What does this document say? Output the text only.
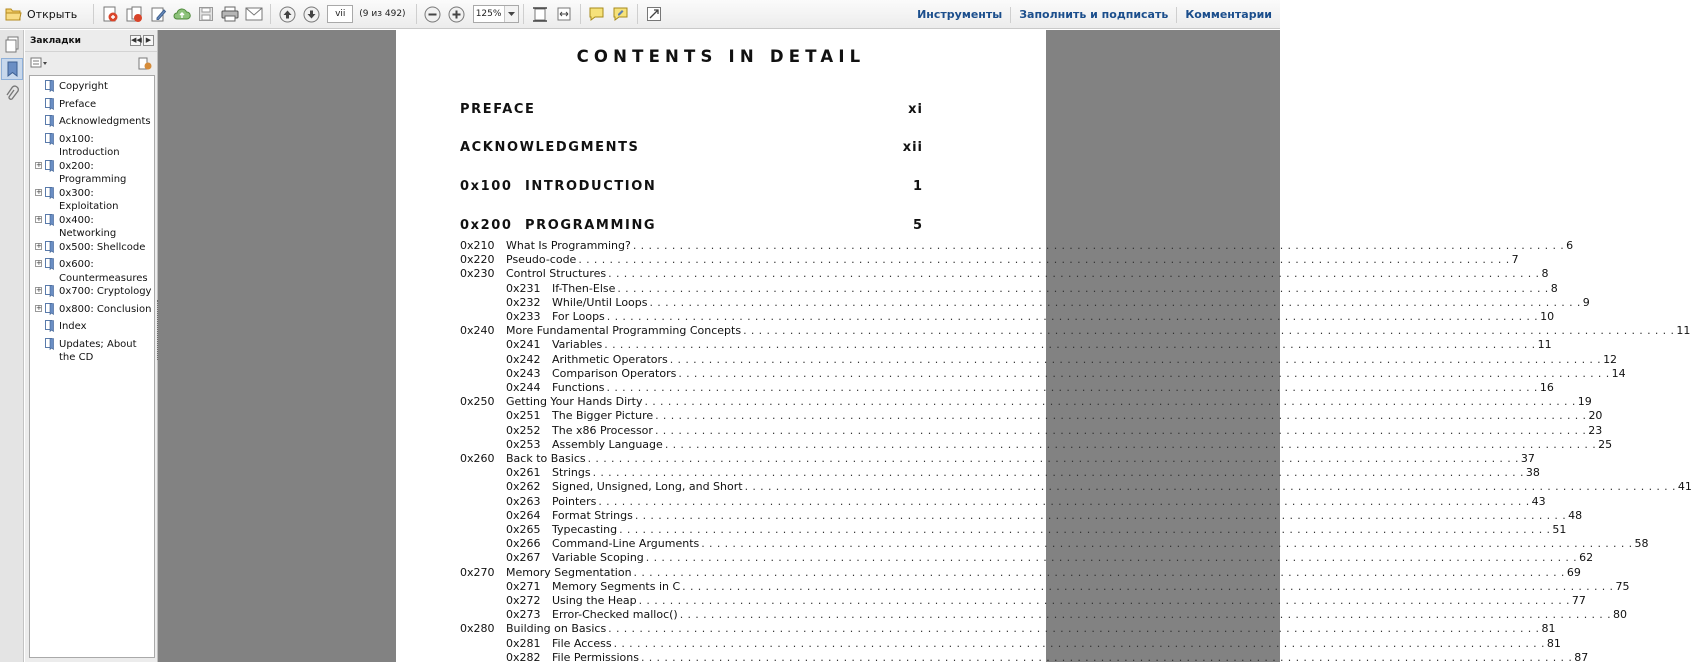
Открыть	vii	(9 из 492)	125%	Инструменты	Заполнить и подписать	Комментарии
Закладки	◀◀ ▶
Copyright
Preface
Acknowledgments
0x100: Introduction
+ 0x200: Programming
+ 0x300: Exploitation
+ 0x400: Networking
+ 0x500: Shellcode
+ 0x600: Countermeasures
+ 0x700: Cryptology
+ 0x800: Conclusion
Index
Updates; About the CD
CONTENTS IN DETAIL
PREFACE	xi
ACKNOWLEDGMENTS	xii
0x100 INTRODUCTION	1
0x200 PROGRAMMING	5
0x210 What Is Programming? . . . . . . . . . . . . . . . . . . . . . . . . . . . . . . . . . . . . . . . . . . . . . . . . . . . . . . . . . . . . . . . . . . . . . . . . . . . . . . . . . . . . . . . . . . . . . . . . . . . . . . . . . . . . . . . . . . . . . . . . 6
0x220 Pseudo-code . . . . . . . . . . . . . . . . . . . . . . . . . . . . . . . . . . . . . . . . . . . . . . . . . . . . . . . . . . . . . . . . . . . . . . . . . . . . . . . . . . . . . . . . . . . . . . . . . . . . . . . . . . . . . . . . . . . . . . . . 7
0x230 Control Structures . . . . . . . . . . . . . . . . . . . . . . . . . . . . . . . . . . . . . . . . . . . . . . . . . . . . . . . . . . . . . . . . . . . . . . . . . . . . . . . . . . . . . . . . . . . . . . . . . . . . . . . . . . . . . . . . . . . . . . . . 8
0x231 If-Then-Else . . . . . . . . . . . . . . . . . . . . . . . . . . . . . . . . . . . . . . . . . . . . . . . . . . . . . . . . . . . . . . . . . . . . . . . . . . . . . . . . . . . . . . . . . . . . . . . . . . . . . . . . . . . . . . . . . . . . . . . . 8
0x232 While/Until Loops . . . . . . . . . . . . . . . . . . . . . . . . . . . . . . . . . . . . . . . . . . . . . . . . . . . . . . . . . . . . . . . . . . . . . . . . . . . . . . . . . . . . . . . . . . . . . . . . . . . . . . . . . . . . . . . . . . . . . . . . 9
0x233 For Loops . . . . . . . . . . . . . . . . . . . . . . . . . . . . . . . . . . . . . . . . . . . . . . . . . . . . . . . . . . . . . . . . . . . . . . . . . . . . . . . . . . . . . . . . . . . . . . . . . . . . . . . . . . . . . . . . . . . . . . . . 10
0x240 More Fundamental Programming Concepts . . . . . . . . . . . . . . . . . . . . . . . . . . . . . . . . . . . . . . . . . . . . . . . . . . . . . . . . . . . . . . . . . . . . . . . . . . . . . . . . . . . . . . . . . . . . . . . . . . . . . . . . . . . . . . . . . . . . . . . . 11
0x241 Variables . . . . . . . . . . . . . . . . . . . . . . . . . . . . . . . . . . . . . . . . . . . . . . . . . . . . . . . . . . . . . . . . . . . . . . . . . . . . . . . . . . . . . . . . . . . . . . . . . . . . . . . . . . . . . . . . . . . . . . . . 11
0x242 Arithmetic Operators . . . . . . . . . . . . . . . . . . . . . . . . . . . . . . . . . . . . . . . . . . . . . . . . . . . . . . . . . . . . . . . . . . . . . . . . . . . . . . . . . . . . . . . . . . . . . . . . . . . . . . . . . . . . . . . . . . . . . . . . 12
0x243 Comparison Operators . . . . . . . . . . . . . . . . . . . . . . . . . . . . . . . . . . . . . . . . . . . . . . . . . . . . . . . . . . . . . . . . . . . . . . . . . . . . . . . . . . . . . . . . . . . . . . . . . . . . . . . . . . . . . . . . . . . . . . . . 14
0x244 Functions . . . . . . . . . . . . . . . . . . . . . . . . . . . . . . . . . . . . . . . . . . . . . . . . . . . . . . . . . . . . . . . . . . . . . . . . . . . . . . . . . . . . . . . . . . . . . . . . . . . . . . . . . . . . . . . . . . . . . . . . 16
0x250 Getting Your Hands Dirty . . . . . . . . . . . . . . . . . . . . . . . . . . . . . . . . . . . . . . . . . . . . . . . . . . . . . . . . . . . . . . . . . . . . . . . . . . . . . . . . . . . . . . . . . . . . . . . . . . . . . . . . . . . . . . . . . . . . . . . . 19
0x251 The Bigger Picture . . . . . . . . . . . . . . . . . . . . . . . . . . . . . . . . . . . . . . . . . . . . . . . . . . . . . . . . . . . . . . . . . . . . . . . . . . . . . . . . . . . . . . . . . . . . . . . . . . . . . . . . . . . . . . . . . . . . . . . . 20
0x252 The x86 Processor . . . . . . . . . . . . . . . . . . . . . . . . . . . . . . . . . . . . . . . . . . . . . . . . . . . . . . . . . . . . . . . . . . . . . . . . . . . . . . . . . . . . . . . . . . . . . . . . . . . . . . . . . . . . . . . . . . . . . . . . 23
0x253 Assembly Language . . . . . . . . . . . . . . . . . . . . . . . . . . . . . . . . . . . . . . . . . . . . . . . . . . . . . . . . . . . . . . . . . . . . . . . . . . . . . . . . . . . . . . . . . . . . . . . . . . . . . . . . . . . . . . . . . . . . . . . . 25
0x260 Back to Basics . . . . . . . . . . . . . . . . . . . . . . . . . . . . . . . . . . . . . . . . . . . . . . . . . . . . . . . . . . . . . . . . . . . . . . . . . . . . . . . . . . . . . . . . . . . . . . . . . . . . . . . . . . . . . . . . . . . . . . . . 37
0x261 Strings . . . . . . . . . . . . . . . . . . . . . . . . . . . . . . . . . . . . . . . . . . . . . . . . . . . . . . . . . . . . . . . . . . . . . . . . . . . . . . . . . . . . . . . . . . . . . . . . . . . . . . . . . . . . . . . . . . . . . . . . 38
0x262 Signed, Unsigned, Long, and Short . . . . . . . . . . . . . . . . . . . . . . . . . . . . . . . . . . . . . . . . . . . . . . . . . . . . . . . . . . . . . . . . . . . . . . . . . . . . . . . . . . . . . . . . . . . . . . . . . . . . . . . . . . . . . . . . . . . . . . . . 41
0x263 Pointers . . . . . . . . . . . . . . . . . . . . . . . . . . . . . . . . . . . . . . . . . . . . . . . . . . . . . . . . . . . . . . . . . . . . . . . . . . . . . . . . . . . . . . . . . . . . . . . . . . . . . . . . . . . . . . . . . . . . . . . . 43
0x264 Format Strings . . . . . . . . . . . . . . . . . . . . . . . . . . . . . . . . . . . . . . . . . . . . . . . . . . . . . . . . . . . . . . . . . . . . . . . . . . . . . . . . . . . . . . . . . . . . . . . . . . . . . . . . . . . . . . . . . . . . . . . . 48
0x265 Typecasting . . . . . . . . . . . . . . . . . . . . . . . . . . . . . . . . . . . . . . . . . . . . . . . . . . . . . . . . . . . . . . . . . . . . . . . . . . . . . . . . . . . . . . . . . . . . . . . . . . . . . . . . . . . . . . . . . . . . . . . . 51
0x266 Command-Line Arguments . . . . . . . . . . . . . . . . . . . . . . . . . . . . . . . . . . . . . . . . . . . . . . . . . . . . . . . . . . . . . . . . . . . . . . . . . . . . . . . . . . . . . . . . . . . . . . . . . . . . . . . . . . . . . . . . . . . . . . . . 58
0x267 Variable Scoping . . . . . . . . . . . . . . . . . . . . . . . . . . . . . . . . . . . . . . . . . . . . . . . . . . . . . . . . . . . . . . . . . . . . . . . . . . . . . . . . . . . . . . . . . . . . . . . . . . . . . . . . . . . . . . . . . . . . . . . . 62
0x270 Memory Segmentation . . . . . . . . . . . . . . . . . . . . . . . . . . . . . . . . . . . . . . . . . . . . . . . . . . . . . . . . . . . . . . . . . . . . . . . . . . . . . . . . . . . . . . . . . . . . . . . . . . . . . . . . . . . . . . . . . . . . . . . . 69
0x271 Memory Segments in C . . . . . . . . . . . . . . . . . . . . . . . . . . . . . . . . . . . . . . . . . . . . . . . . . . . . . . . . . . . . . . . . . . . . . . . . . . . . . . . . . . . . . . . . . . . . . . . . . . . . . . . . . . . . . . . . . . . . . . . . 75
0x272 Using the Heap . . . . . . . . . . . . . . . . . . . . . . . . . . . . . . . . . . . . . . . . . . . . . . . . . . . . . . . . . . . . . . . . . . . . . . . . . . . . . . . . . . . . . . . . . . . . . . . . . . . . . . . . . . . . . . . . . . . . . . . . 77
0x273 Error-Checked malloc() . . . . . . . . . . . . . . . . . . . . . . . . . . . . . . . . . . . . . . . . . . . . . . . . . . . . . . . . . . . . . . . . . . . . . . . . . . . . . . . . . . . . . . . . . . . . . . . . . . . . . . . . . . . . . . . . . . . . . . . . 80
0x280 Building on Basics . . . . . . . . . . . . . . . . . . . . . . . . . . . . . . . . . . . . . . . . . . . . . . . . . . . . . . . . . . . . . . . . . . . . . . . . . . . . . . . . . . . . . . . . . . . . . . . . . . . . . . . . . . . . . . . . . . . . . . . . 81
0x281 File Access . . . . . . . . . . . . . . . . . . . . . . . . . . . . . . . . . . . . . . . . . . . . . . . . . . . . . . . . . . . . . . . . . . . . . . . . . . . . . . . . . . . . . . . . . . . . . . . . . . . . . . . . . . . . . . . . . . . . . . . . 81
0x282 File Permissions . . . . . . . . . . . . . . . . . . . . . . . . . . . . . . . . . . . . . . . . . . . . . . . . . . . . . . . . . . . . . . . . . . . . . . . . . . . . . . . . . . . . . . . . . . . . . . . . . . . . . . . . . . . . . . . . . . . . . . . . 87
